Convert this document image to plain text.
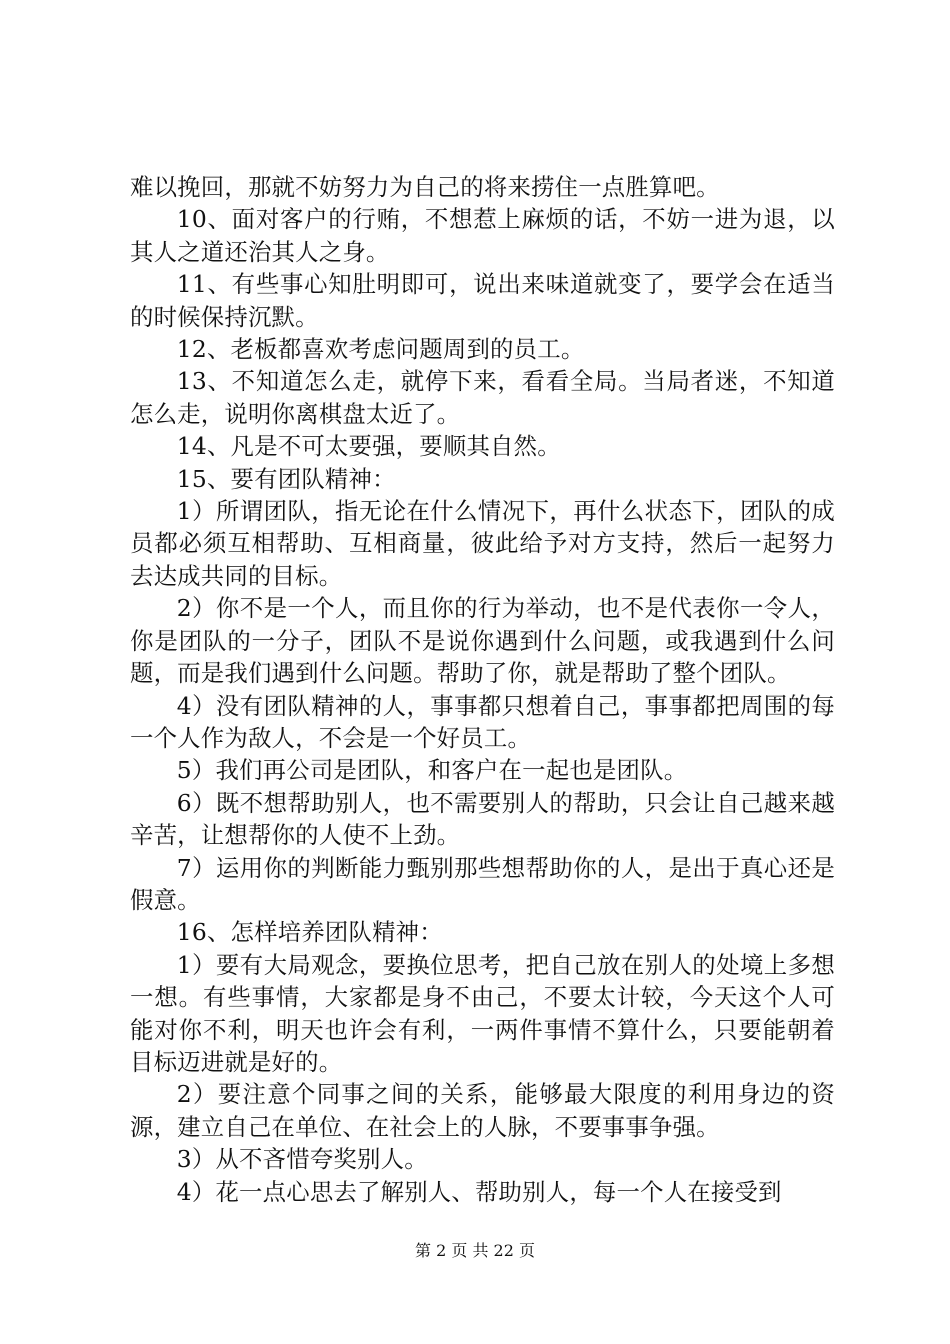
难以挽回，那就不妨努力为自己的将来捞住一点胜算吧。

10、面对客户的行贿，不想惹上麻烦的话，不妨一进为退，以其人之道还治其人之身。

11、有些事心知肚明即可，说出来味道就变了，要学会在适当的时候保持沉默。

12、老板都喜欢考虑问题周到的员工。

13、不知道怎么走，就停下来，看看全局。当局者迷，不知道怎么走，说明你离棋盘太近了。

14、凡是不可太要强，要顺其自然。

15、要有团队精神：

1）所谓团队，指无论在什么情况下，再什么状态下，团队的成员都必须互相帮助、互相商量，彼此给予对方支持，然后一起努力去达成共同的目标。

2）你不是一个人，而且你的行为举动，也不是代表你一令人，你是团队的一分子，团队不是说你遇到什么问题，或我遇到什么问题，而是我们遇到什么问题。帮助了你，就是帮助了整个团队。

4）没有团队精神的人，事事都只想着自己，事事都把周围的每一个人作为敌人，不会是一个好员工。

5）我们再公司是团队，和客户在一起也是团队。

6）既不想帮助别人，也不需要别人的帮助，只会让自己越来越辛苦，让想帮你的人使不上劲。

7）运用你的判断能力甄别那些想帮助你的人，是出于真心还是假意。

16、怎样培养团队精神：

1）要有大局观念，要换位思考，把自己放在别人的处境上多想一想。有些事情，大家都是身不由己，不要太计较，今天这个人可能对你不利，明天也许会有利，一两件事情不算什么，只要能朝着目标迈进就是好的。

2）要注意个同事之间的关系，能够最大限度的利用身边的资源，建立自己在单位、在社会上的人脉，不要事事争强。

3）从不吝惜夸奖别人。

4）花一点心思去了解别人、帮助别人，每一个人在接受到

第 2 页 共 22 页
